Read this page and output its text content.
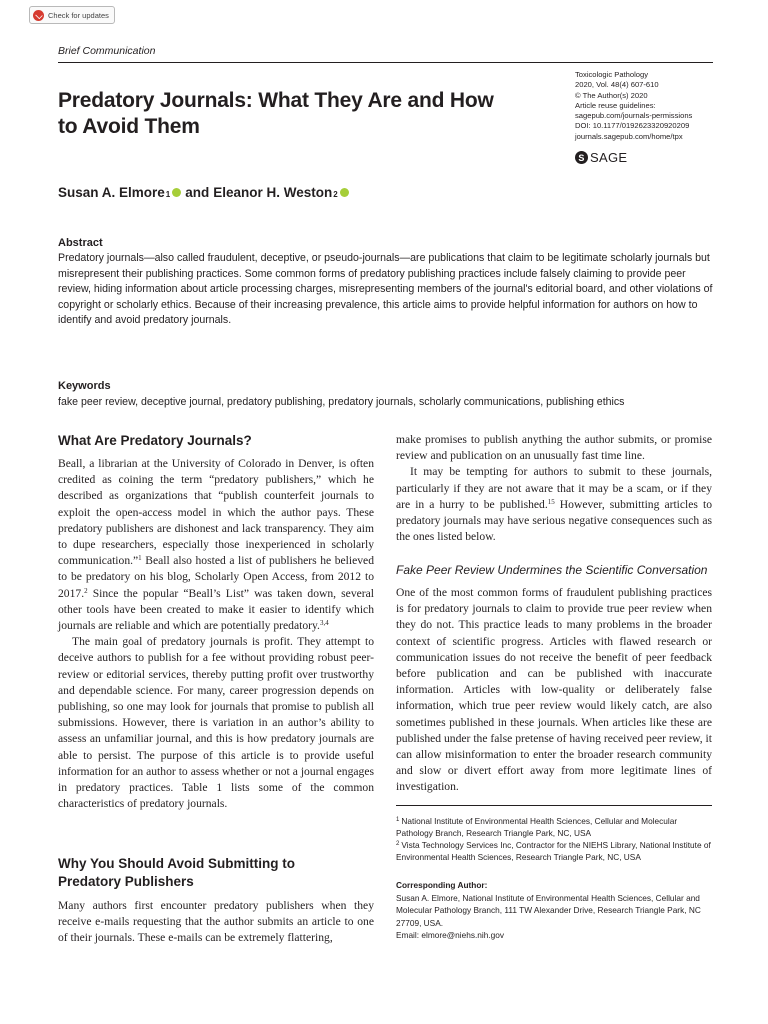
Check for updates
Brief Communication
Toxicologic Pathology
2020, Vol. 48(4) 607-610
© The Author(s) 2020
Article reuse guidelines:
sagepub.com/journals-permissions
DOI: 10.1177/0192623320920209
journals.sagepub.com/home/tpx
S SAGE
Predatory Journals: What They Are and How to Avoid Them
Susan A. Elmore 1 and Eleanor H. Weston 2
Abstract
Predatory journals—also called fraudulent, deceptive, or pseudo-journals—are publications that claim to be legitimate scholarly journals but misrepresent their publishing practices. Some common forms of predatory publishing practices include falsely claiming to provide peer review, hiding information about article processing charges, misrepresenting members of the journal's editorial board, and other violations of copyright or scholarly ethics. Because of their increasing prevalence, this article aims to provide helpful information for authors on how to identify and avoid predatory journals.
Keywords
fake peer review, deceptive journal, predatory publishing, predatory journals, scholarly communications, publishing ethics
What Are Predatory Journals?

Beall, a librarian at the University of Colorado in Denver, is often credited as coining the term “predatory publishers,” which he described as organizations that “publish counterfeit journals to exploit the open-access model in which the author pays. These predatory publishers are dishonest and lack transparency. They aim to dupe researchers, especially those inexperienced in scholarly communication.”$^1$ Beall also hosted a list of publishers he believed to be predatory on his blog, Scholarly Open Access, from 2012 to 2017.$^2$ Since the popular “Beall’s List” was taken down, several other tools have been created to make it easier to identify which journals are reliable and which are potentially predatory.$^{3,4}$

The main goal of predatory journals is profit. They attempt to deceive authors to publish for a fee without providing robust peer-review or editorial services, thereby putting profit over trustworthy and dependable science. For many, career progression depends on publishing, so one may look for journals that promise to publish all submissions. However, there is variation in an author’s ability to assess an unfamiliar journal, and this is how predatory journals are able to persist. The purpose of this article is to provide useful information for an author to assess whether or not a journal engages in predatory practices. Table 1 lists some of the common characteristics of predatory journals.

Why You Should Avoid Submitting to Predatory Publishers

Many authors first encounter predatory publishers when they receive e-mails requesting that the author submits an article to one of their journals. These e-mails can be extremely flattering,

make promises to publish anything the author submits, or promise review and publication on an unusually fast time line.

It may be tempting for authors to submit to these journals, particularly if they are not aware that it may be a scam, or if they are in a hurry to be published.$^{15}$ However, submitting articles to predatory journals may have serious negative consequences such as the ones listed below.

Fake Peer Review Undermines the Scientific Conversation

One of the most common forms of fraudulent publishing practices is for predatory journals to claim to provide true peer review when they do not. This practice leads to many problems in the broader context of scientific progress. Articles with flawed research or communication issues do not receive the benefit of peer feedback before publication and can be published with inaccurate information. Articles with low-quality or deliberately false information, which true peer review would likely catch, are also sometimes published in these journals. When articles like these are published under the false pretense of having received peer review, it can allow misinformation to enter the broader research community and slow or divert effort away from more legitimate lines of investigation.

$^1$ National Institute of Environmental Health Sciences, Cellular and Molecular Pathology Branch, Research Triangle Park, NC, USA
$^2$ Vista Technology Services Inc, Contractor for the NIEHS Library, National Institute of Environmental Health Sciences, Research Triangle Park, NC, USA
Corresponding Author:
Susan A. Elmore, National Institute of Environmental Health Sciences, Cellular and Molecular Pathology Branch, 111 TW Alexander Drive, Research Triangle Park, NC 27709, USA.
Email: elmore@niehs.nih.gov
